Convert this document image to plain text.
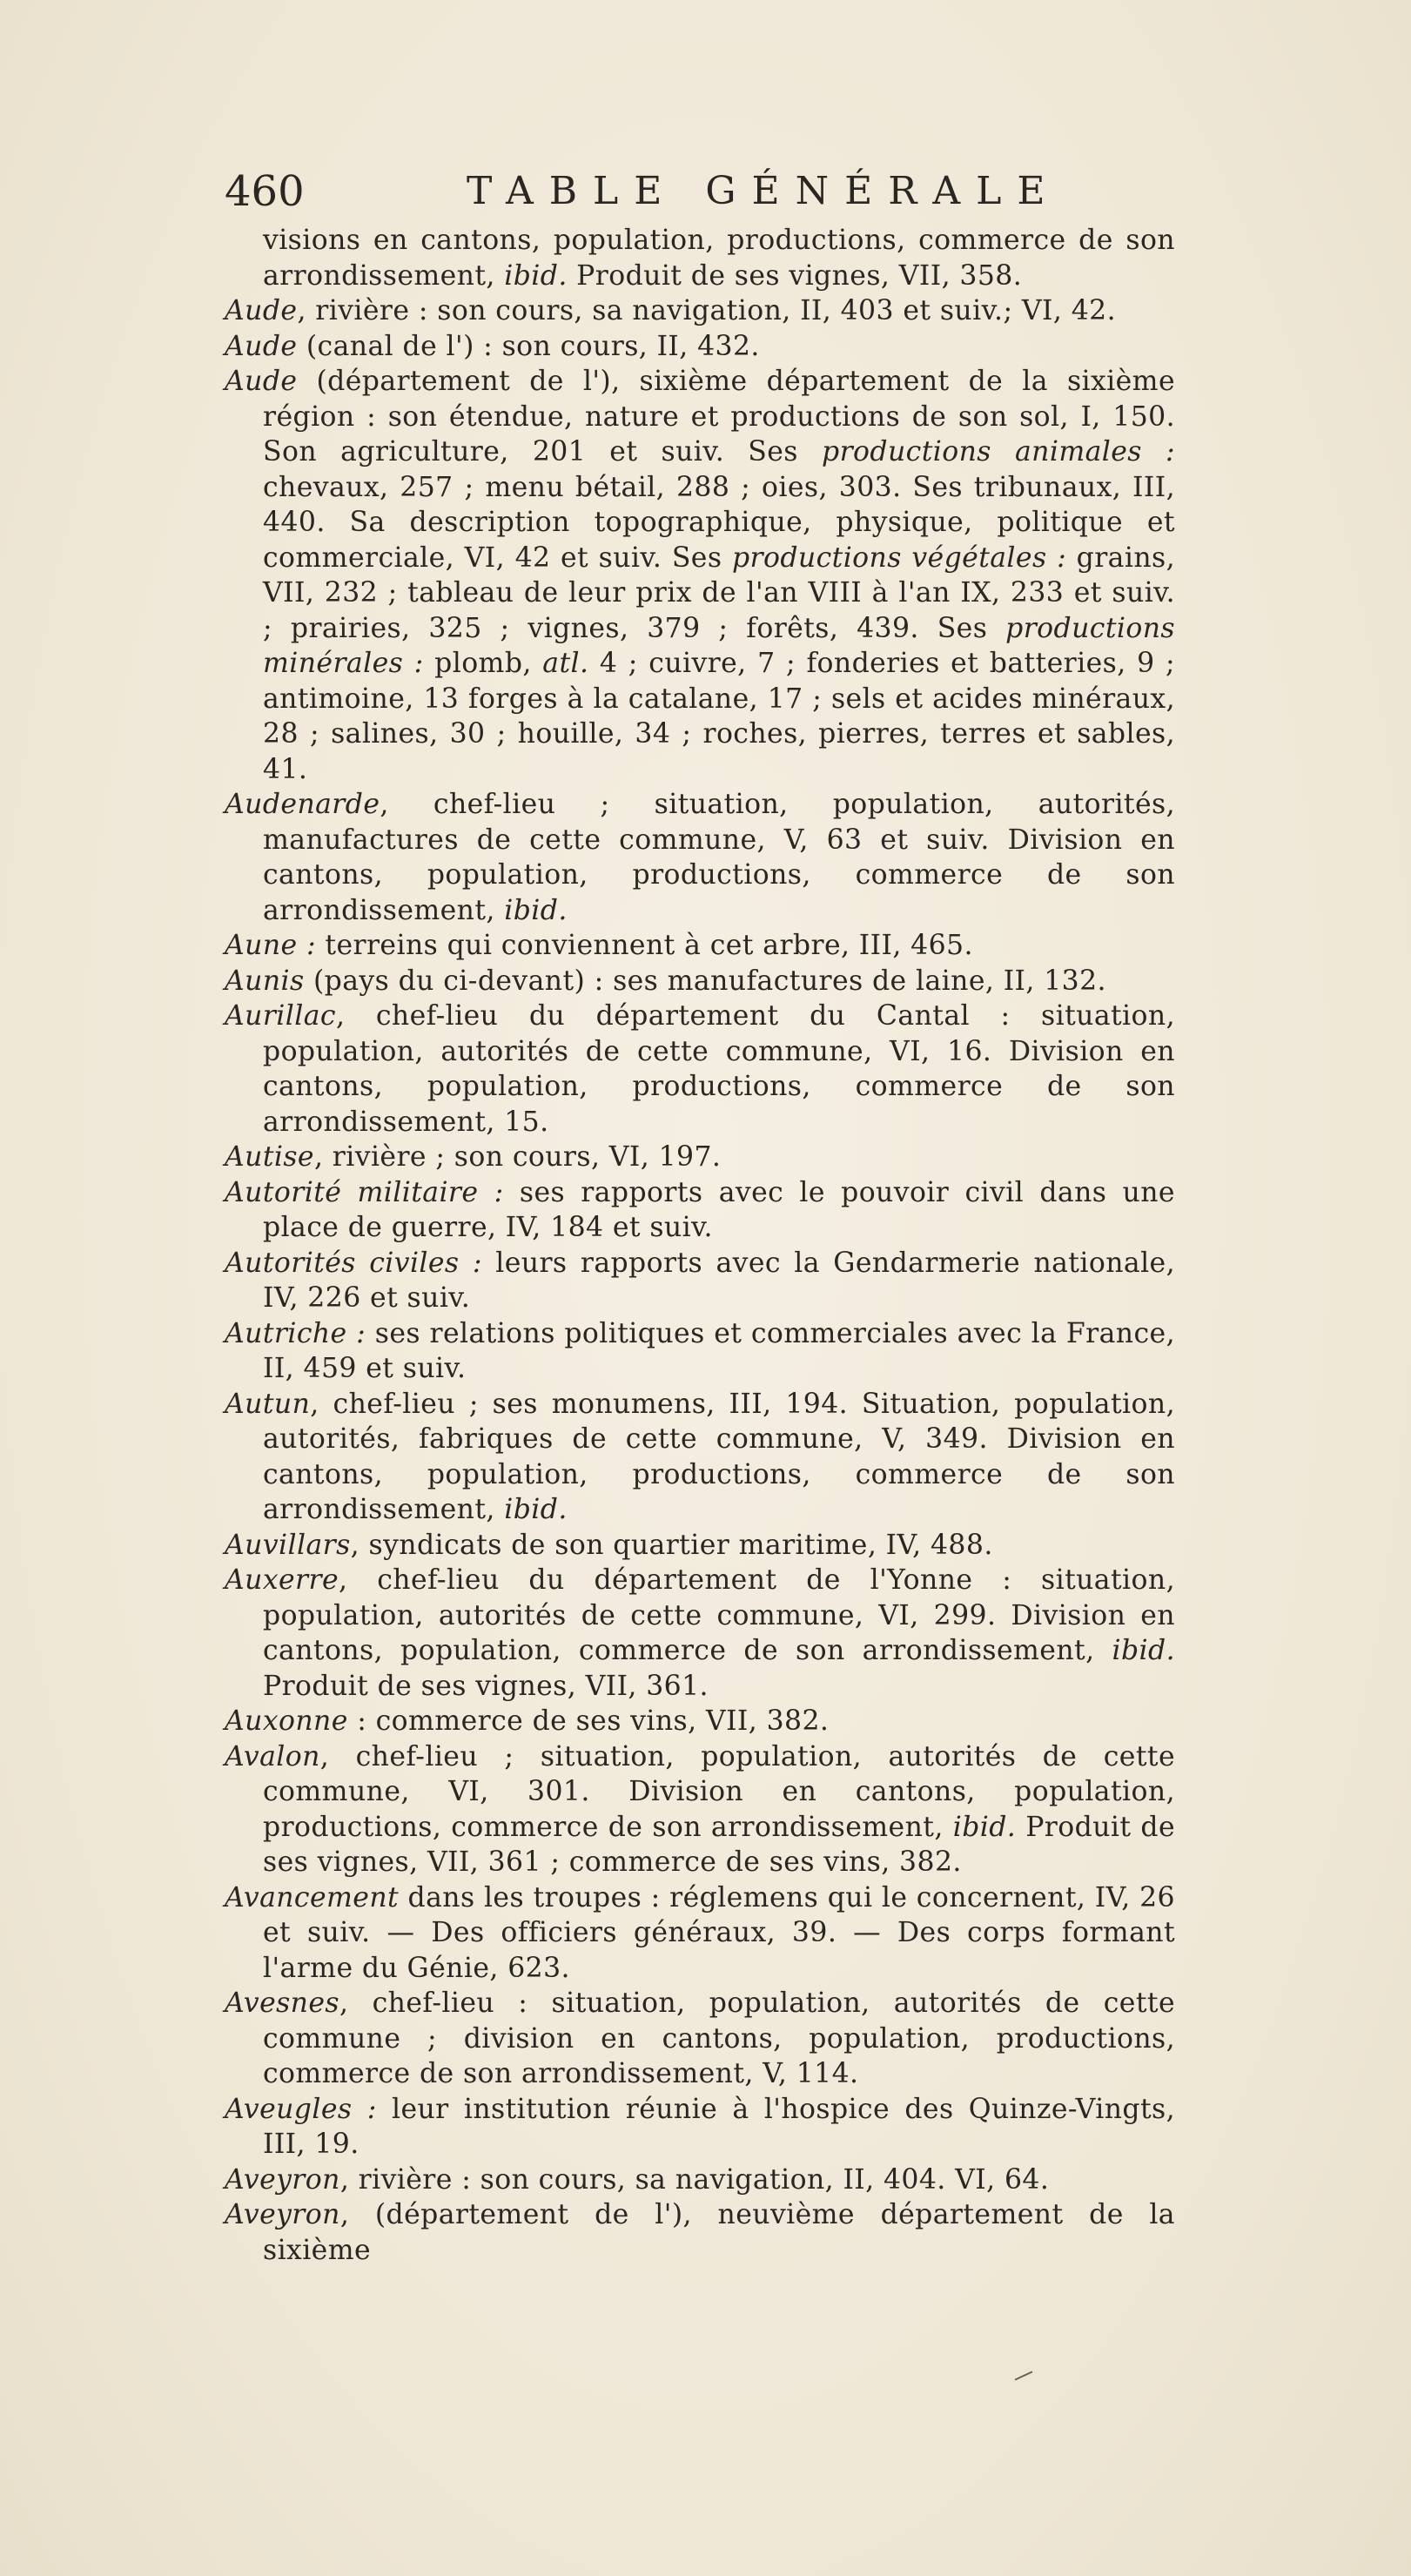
460	TABLE GÉNÉRALE

visions en cantons, population, productions, commerce de son arrondissement, ibid. Produit de ses vignes, VII, 358.

Aude, rivière : son cours, sa navigation, II, 403 et suiv.; VI, 42.

Aude (canal de l') : son cours, II, 432.

Aude (département de l'), sixième département de la sixième région : son étendue, nature et productions de son sol, I, 150. Son agriculture, 201 et suiv. Ses productions animales : chevaux, 257 ; menu bétail, 288 ; oies, 303. Ses tribunaux, III, 440. Sa description topographique, physique, politique et commerciale, VI, 42 et suiv. Ses productions végétales : grains, VII, 232 ; tableau de leur prix de l'an VIII à l'an IX, 233 et suiv. ; prairies, 325 ; vignes, 379 ; forêts, 439. Ses productions minérales : plomb, atl. 4 ; cuivre, 7 ; fonderies et batteries, 9 ; antimoine, 13 forges à la catalane, 17 ; sels et acides minéraux, 28 ; salines, 30 ; houille, 34 ; roches, pierres, terres et sables, 41.

Audenarde, chef-lieu ; situation, population, autorités, manufactures de cette commune, V, 63 et suiv. Division en cantons, population, productions, commerce de son arrondissement, ibid.

Aune : terreins qui conviennent à cet arbre, III, 465.

Aunis (pays du ci-devant) : ses manufactures de laine, II, 132.

Aurillac, chef-lieu du département du Cantal : situation, population, autorités de cette commune, VI, 16. Division en cantons, population, productions, commerce de son arrondissement, 15.

Autise, rivière ; son cours, VI, 197.

Autorité militaire : ses rapports avec le pouvoir civil dans une place de guerre, IV, 184 et suiv.

Autorités civiles : leurs rapports avec la Gendarmerie nationale, IV, 226 et suiv.

Autriche : ses relations politiques et commerciales avec la France, II, 459 et suiv.

Autun, chef-lieu ; ses monumens, III, 194. Situation, population, autorités, fabriques de cette commune, V, 349. Division en cantons, population, productions, commerce de son arrondissement, ibid.

Auvillars, syndicats de son quartier maritime, IV, 488.

Auxerre, chef-lieu du département de l'Yonne : situation, population, autorités de cette commune, VI, 299. Division en cantons, population, commerce de son arrondissement, ibid. Produit de ses vignes, VII, 361.

Auxonne : commerce de ses vins, VII, 382.

Avalon, chef-lieu ; situation, population, autorités de cette commune, VI, 301. Division en cantons, population, productions, commerce de son arrondissement, ibid. Produit de ses vignes, VII, 361 ; commerce de ses vins, 382.

Avancement dans les troupes : réglemens qui le concernent, IV, 26 et suiv. — Des officiers généraux, 39. — Des corps formant l'arme du Génie, 623.

Avesnes, chef-lieu : situation, population, autorités de cette commune ; division en cantons, population, productions, commerce de son arrondissement, V, 114.

Aveugles : leur institution réunie à l'hospice des Quinze-Vingts, III, 19.

Aveyron, rivière : son cours, sa navigation, II, 404. VI, 64.

Aveyron, (département de l'), neuvième département de la sixième
